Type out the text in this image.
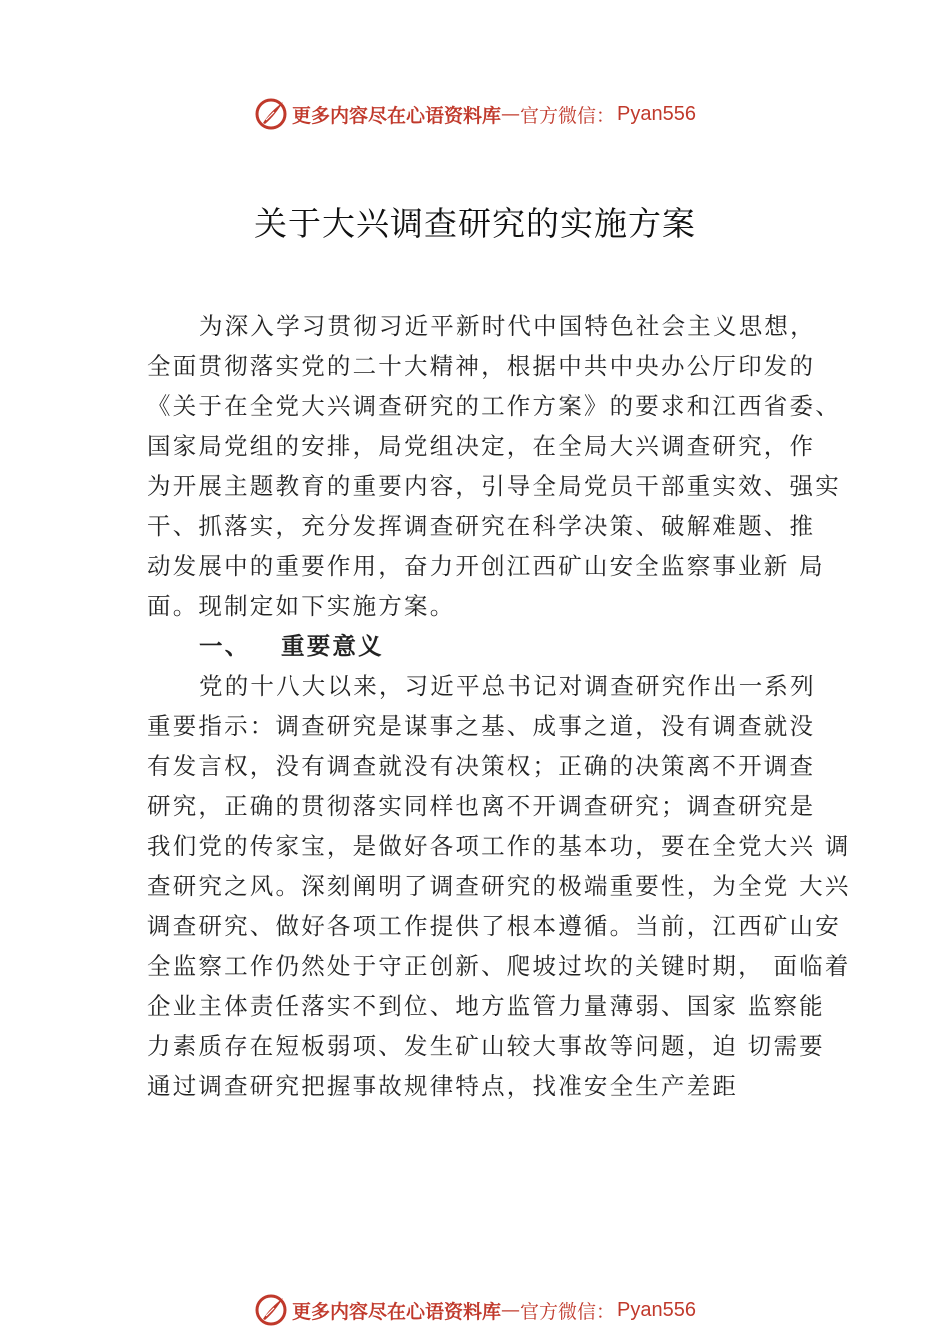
更多内容尽在心语资料库 — 官方微信 ： Pyan556
关于大兴调查研究的实施方案
为深入学习贯彻习近平新时代中国特色社会主义思想，
全面贯彻落实党的二十大精神，根据中共中央办公厅印发的
《关于在全党大兴调查研究的工作方案》的要求和江西省委、
国家局党组的安排，局党组决定，在全局大兴调查研究，作
为开展主题教育的重要内容，引导全局党员干部重实效、强实
干、抓落实，充分发挥调查研究在科学决策、破解难题、推
动发展中的重要作用，奋力开创江西矿山安全监察事业新 局
面。现制定如下实施方案。
一、 重要意义
党的十八大以来，习近平总书记对调查研究作出一系列
重要指示：调查研究是谋事之基、成事之道，没有调查就没
有发言权，没有调查就没有决策权；正确的决策离不开调查
研究，正确的贯彻落实同样也离不开调查研究；调查研究是
我们党的传家宝，是做好各项工作的基本功，要在全党大兴 调
查研究之风。深刻阐明了调查研究的极端重要性，为全党 大兴
调查研究、做好各项工作提供了根本遵循。当前，江西矿山安
全监察工作仍然处于守正创新、爬坡过坎的关键时期， 面临着
企业主体责任落实不到位、地方监管力量薄弱、国家 监察能
力素质存在短板弱项、发生矿山较大事故等问题，迫 切需要
通过调查研究把握事故规律特点，找准安全生产差距
更多内容尽在心语资料库 — 官方微信 ： Pyan556
